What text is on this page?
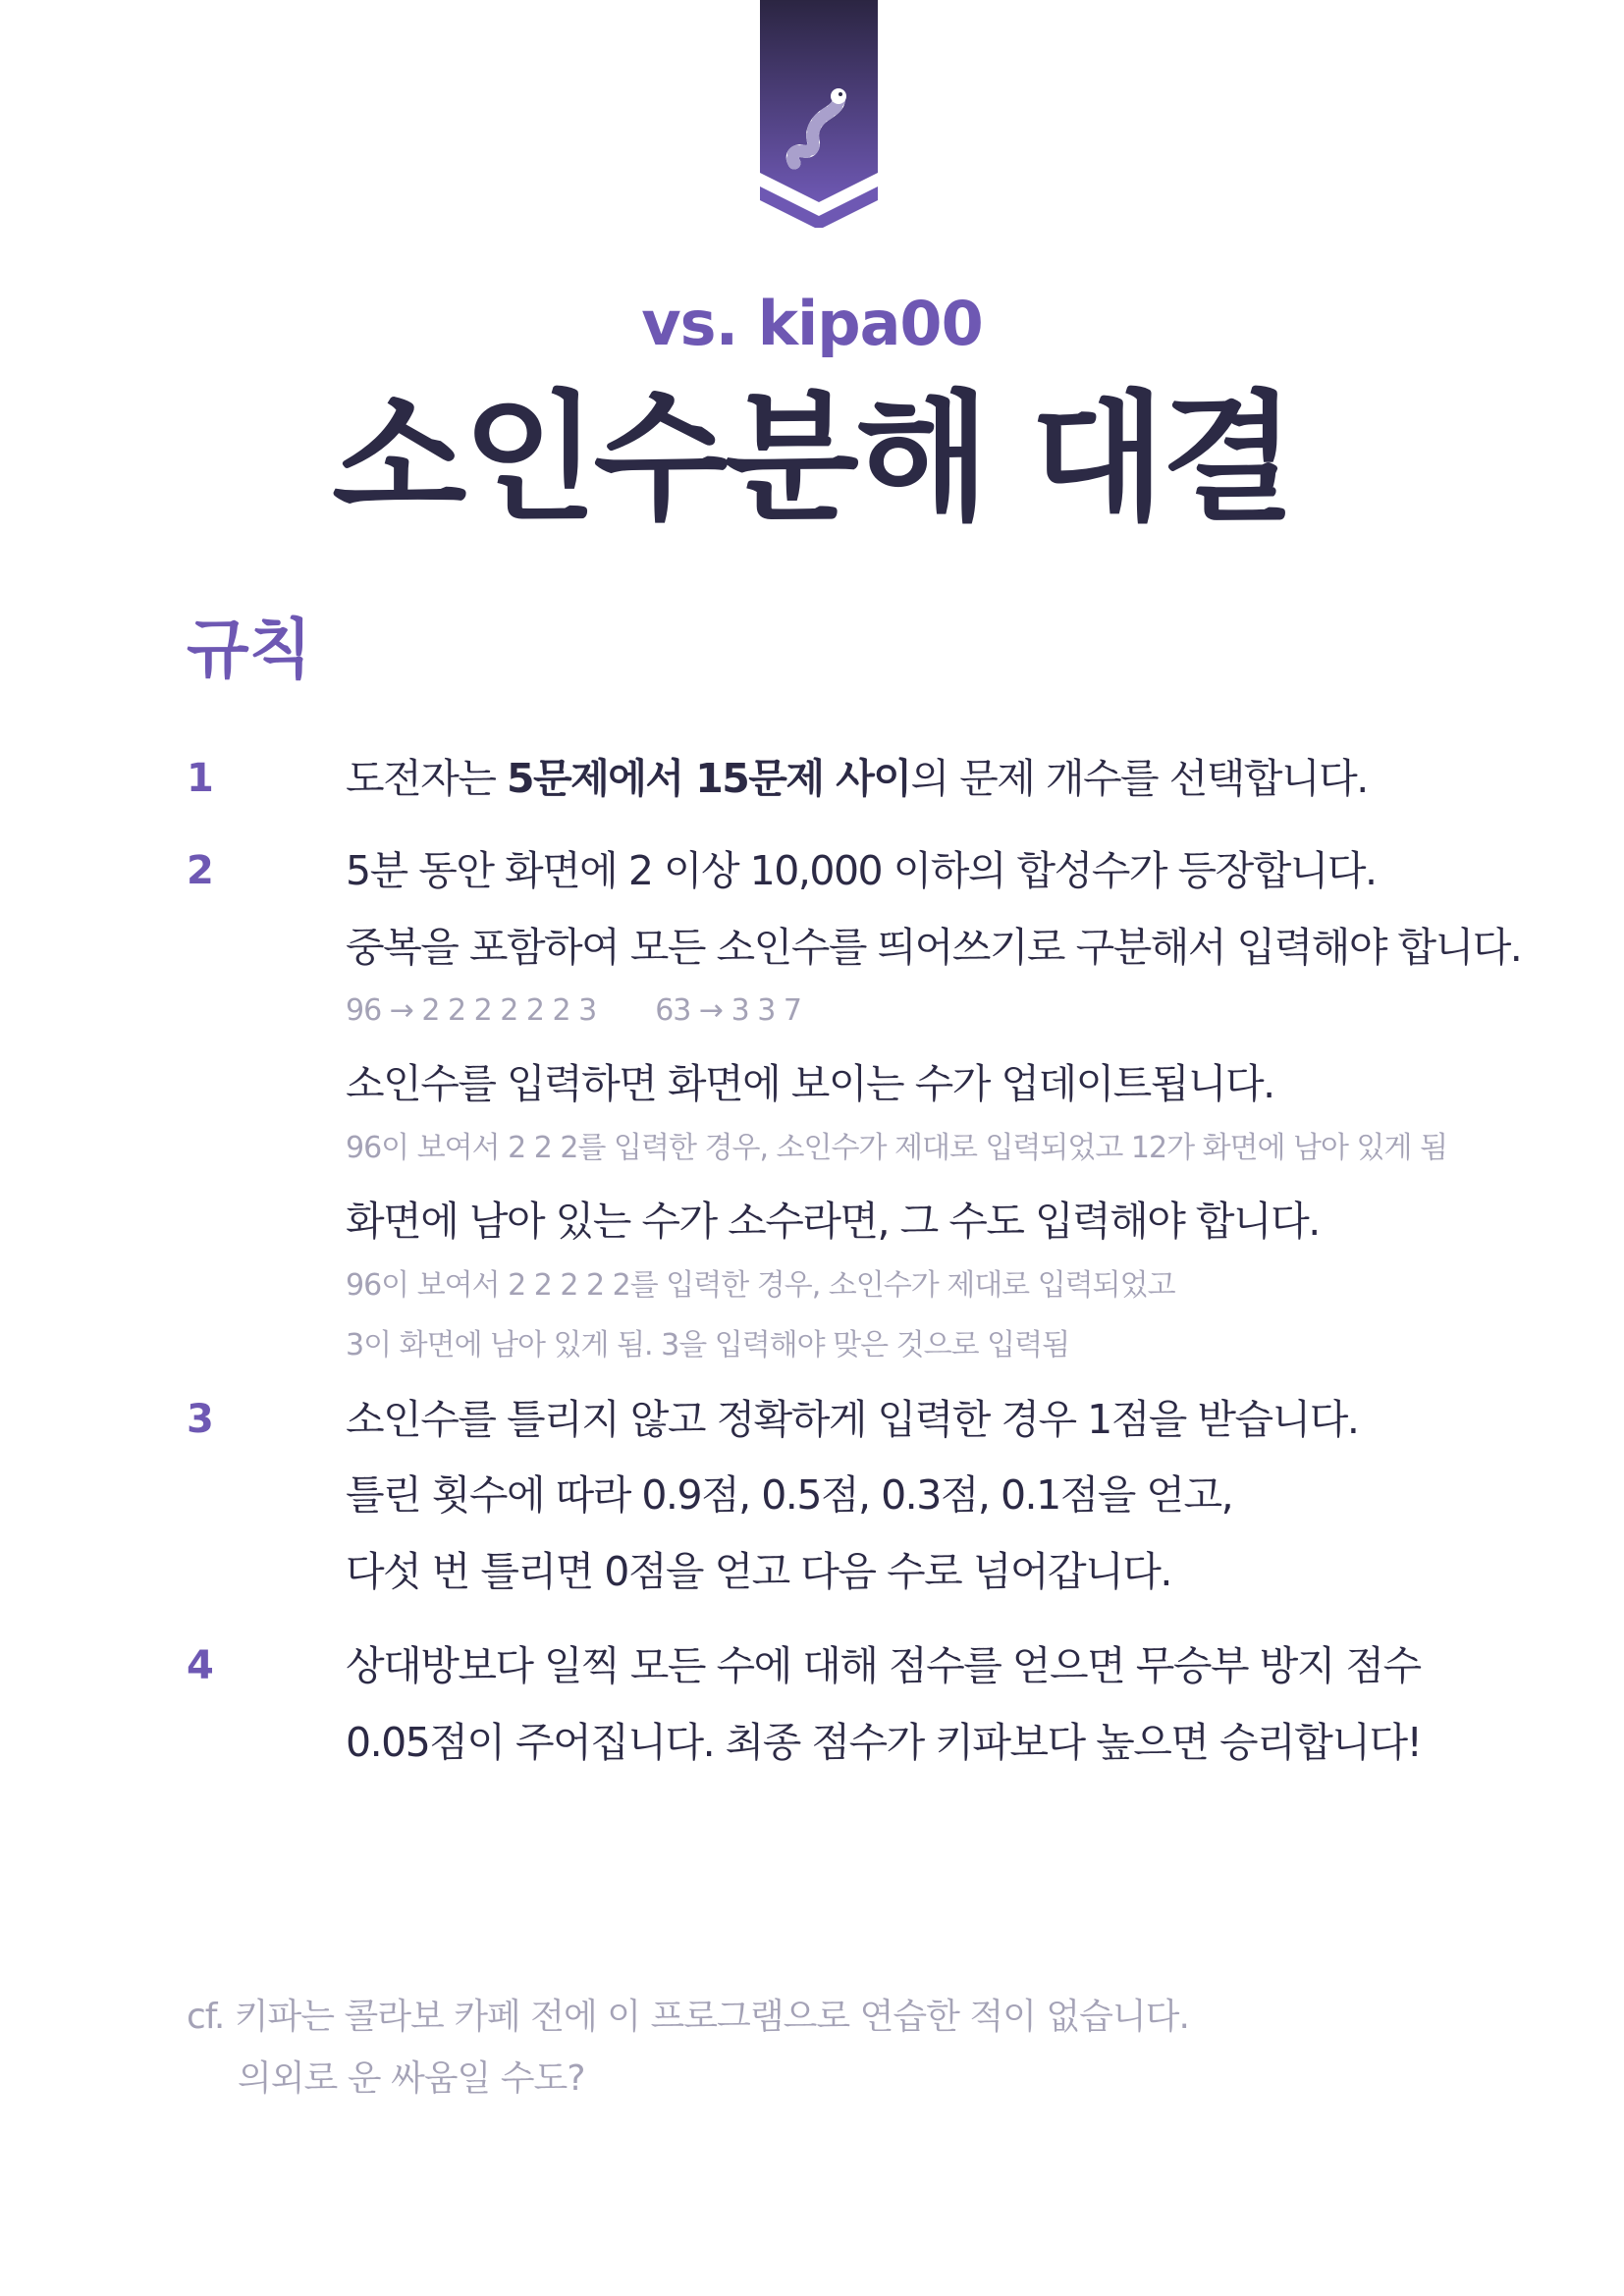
vs. kipa00
소인수분해 대결
규칙
1	도전자는 5문제에서 15문제 사이의 문제 개수를 선택합니다.
2	5분 동안 화면에 2 이상 10,000 이하의 합성수가 등장합니다.
중복을 포함하여 모든 소인수를 띄어쓰기로 구분해서 입력해야 합니다.
96 → 2 2 2 2 2 2 3 63 → 3 3 7
소인수를 입력하면 화면에 보이는 수가 업데이트됩니다.
96이 보여서 2 2 2를 입력한 경우, 소인수가 제대로 입력되었고 12가 화면에 남아 있게 됨
화면에 남아 있는 수가 소수라면, 그 수도 입력해야 합니다.
96이 보여서 2 2 2 2 2를 입력한 경우, 소인수가 제대로 입력되었고
3이 화면에 남아 있게 됨. 3을 입력해야 맞은 것으로 입력됨
3	소인수를 틀리지 않고 정확하게 입력한 경우 1점을 받습니다.
틀린 횟수에 따라 0.9점, 0.5점, 0.3점, 0.1점을 얻고,
다섯 번 틀리면 0점을 얻고 다음 수로 넘어갑니다.
4	상대방보다 일찍 모든 수에 대해 점수를 얻으면 무승부 방지 점수
0.05점이 주어집니다. 최종 점수가 키파보다 높으면 승리합니다!
cf. 키파는 콜라보 카페 전에 이 프로그램으로 연습한 적이 없습니다.
의외로 운 싸움일 수도?
